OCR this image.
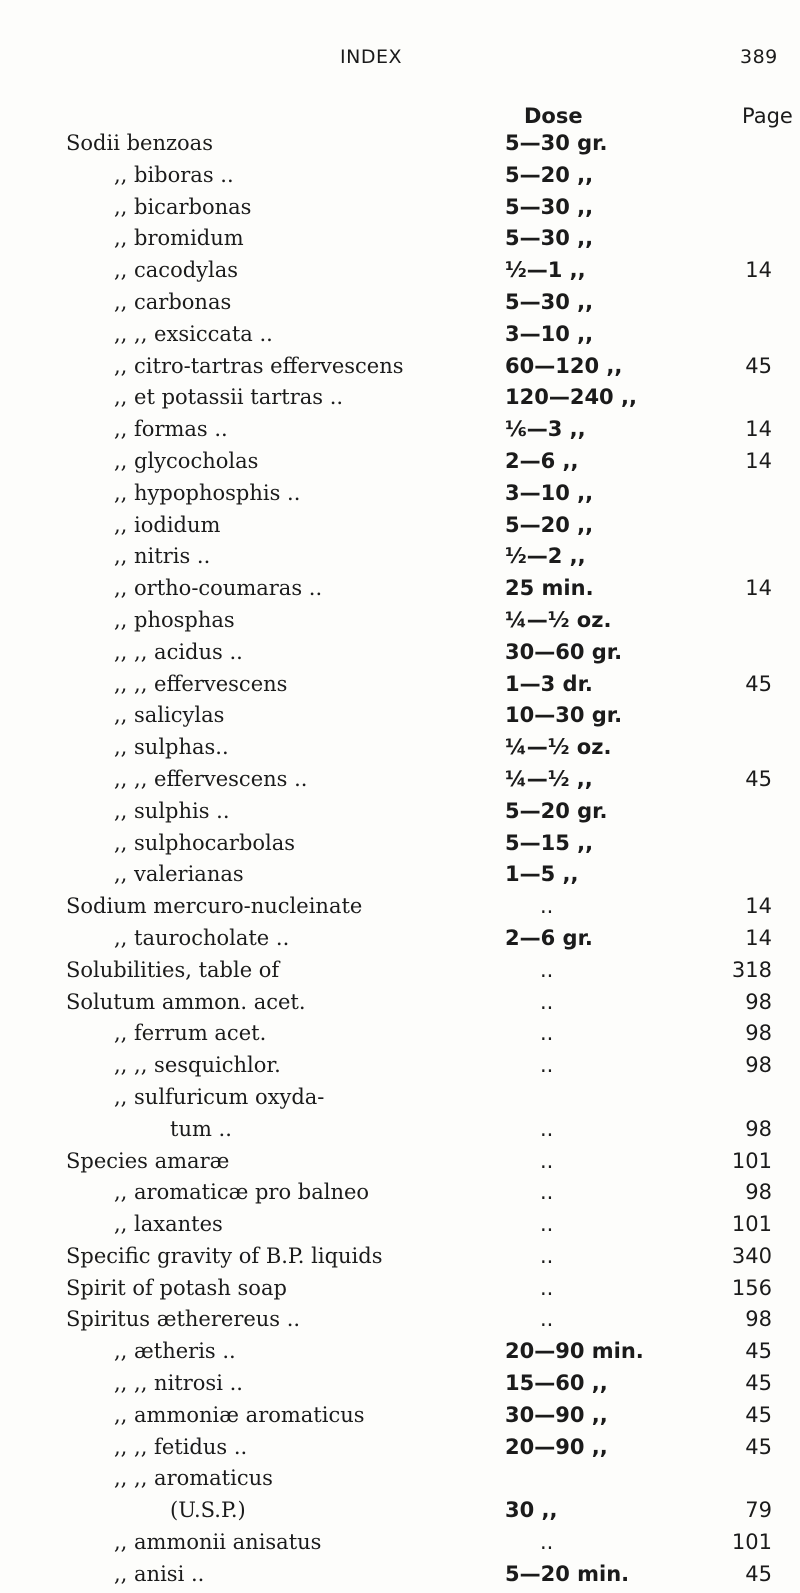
INDEX	389
Dose	Page
Sodii benzoas	5—30 gr.
,, biboras ..	5—20 ,,
,, bicarbonas	5—30 ,,
,, bromidum	5—30 ,,
,, cacodylas	½—1 ,,	14
,, carbonas	5—30 ,,
,, ,, exsiccata ..	3—10 ,,
,, citro-tartras effervescens	60—120 ,,	45
,, et potassii tartras ..	120—240 ,,
,, formas ..	⅙—3 ,,	14
,, glycocholas	2—6 ,,	14
,, hypophosphis ..	3—10 ,,
,, iodidum	5—20 ,,
,, nitris ..	½—2 ,,
,, ortho-coumaras ..	25 min.	14
,, phosphas	¼—½ oz.
,, ,, acidus ..	30—60 gr.
,, ,, effervescens	1—3 dr.	45
,, salicylas	10—30 gr.
,, sulphas..	¼—½ oz.
,, ,, effervescens ..	¼—½ ,,	45
,, sulphis ..	5—20 gr.
,, sulphocarbolas	5—15 ,,
,, valerianas	1—5 ,,
Sodium mercuro-nucleinate	..	14
,, taurocholate ..	2—6 gr.	14
Solubilities, table of	..	318
Solutum ammon. acet.	..	98
,, ferrum acet.	..	98
,, ,, sesquichlor.	..	98
,, sulfuricum oxyda-
tum ..	..	98
Species amaræ	..	101
,, aromaticæ pro balneo	..	98
,, laxantes	..	101
Specific gravity of B.P. liquids	..	340
Spirit of potash soap	..	156
Spiritus ætherereus ..	..	98
,, ætheris ..	20—90 min.	45
,, ,, nitrosi ..	15—60 ,,	45
,, ammoniæ aromaticus	30—90 ,,	45
,, ,, fetidus ..	20—90 ,,	45
,, ,, aromaticus
(U.S.P.)	30 ,,	79
,, ammonii anisatus	..	101
,, anisi ..	5—20 min.	45
